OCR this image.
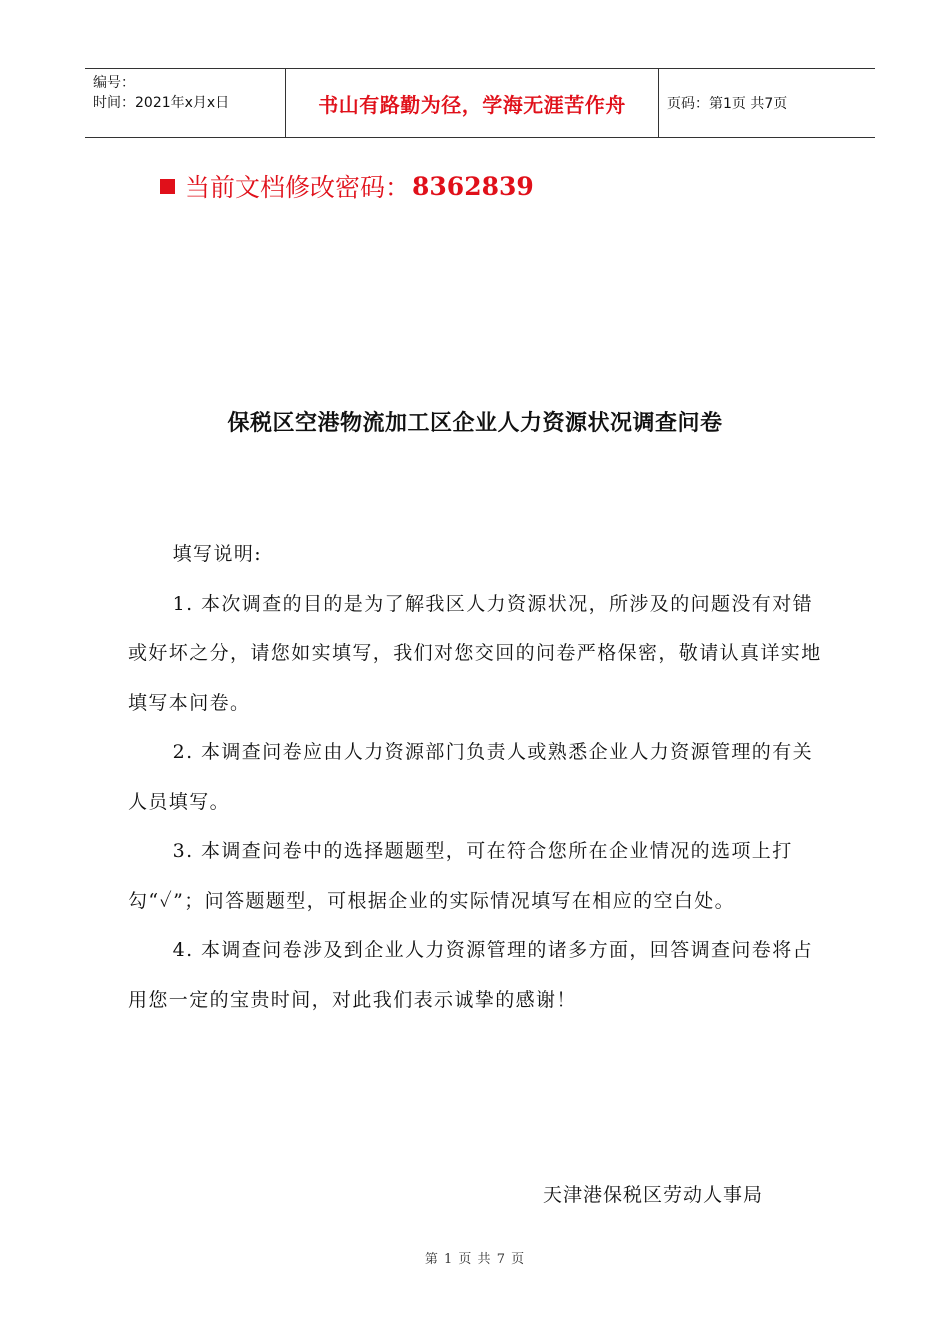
编号：
时间：2021年x月x日	书山有路勤为径，学海无涯苦作舟	页码：第1页 共7页
当前文档修改密码： 8362839
保税区空港物流加工区企业人力资源状况调查问卷

填写说明:

1. 本次调查的目的是为了解我区人力资源状况，所涉及的问题没有对错或好坏之分，请您如实填写，我们对您交回的问卷严格保密，敬请认真详实地填写本问卷。

2. 本调查问卷应由人力资源部门负责人或熟悉企业人力资源管理的有关人员填写。

3. 本调查问卷中的选择题题型，可在符合您所在企业情况的选项上打勾“✓”；问答题题型，可根据企业的实际情况填写在相应的空白处。

4. 本调查问卷涉及到企业人力资源管理的诸多方面，回答调查问卷将占用您一定的宝贵时间，对此我们表示诚挚的感谢！

天津港保税区劳动人事局
第 1 页 共 7 页
